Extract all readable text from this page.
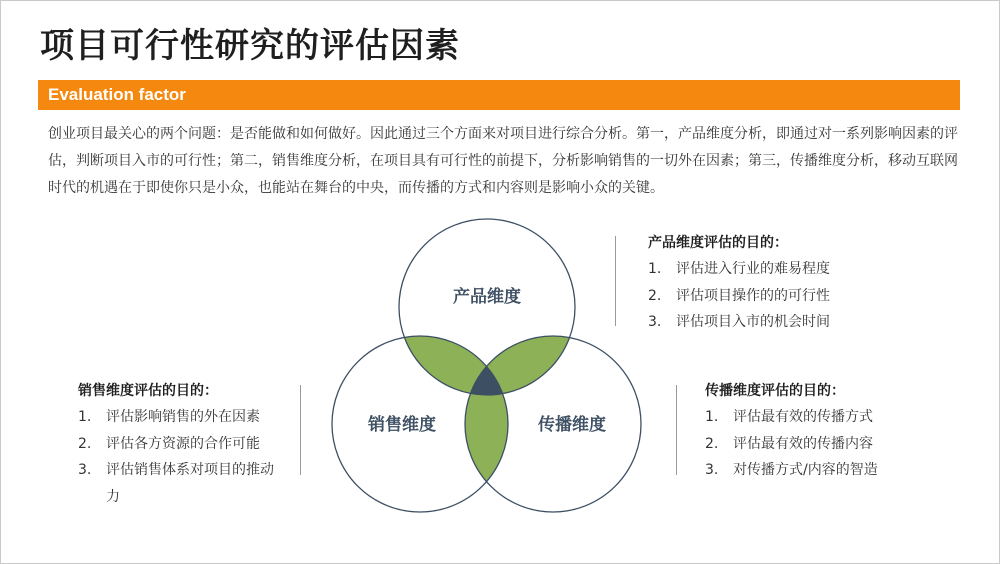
项目可行性研究的评估因素
Evaluation factor
创业项目最关心的两个问题：是否能做和如何做好。因此通过三个方面来对项目进行综合分析。第一，产品维度分析，即通过对一系列影响因素的评估，判断项目入市的可行性；第二，销售维度分析，在项目具有可行性的前提下，分析影响销售的一切外在因素；第三，传播维度分析，移动互联网时代的机遇在于即使你只是小众，也能站在舞台的中央，而传播的方式和内容则是影响小众的关键。
产品维度
销售维度	传播维度
产品维度评估的目的：
1. 评估进入行业的难易程度
2. 评估项目操作的的可行性
3. 评估项目入市的机会时间
销售维度评估的目的：
1. 评估影响销售的外在因素
2. 评估各方资源的合作可能
3. 评估销售体系对项目的推动力
传播维度评估的目的：
1. 评估最有效的传播方式
2. 评估最有效的传播内容
3. 对传播方式/内容的智造
